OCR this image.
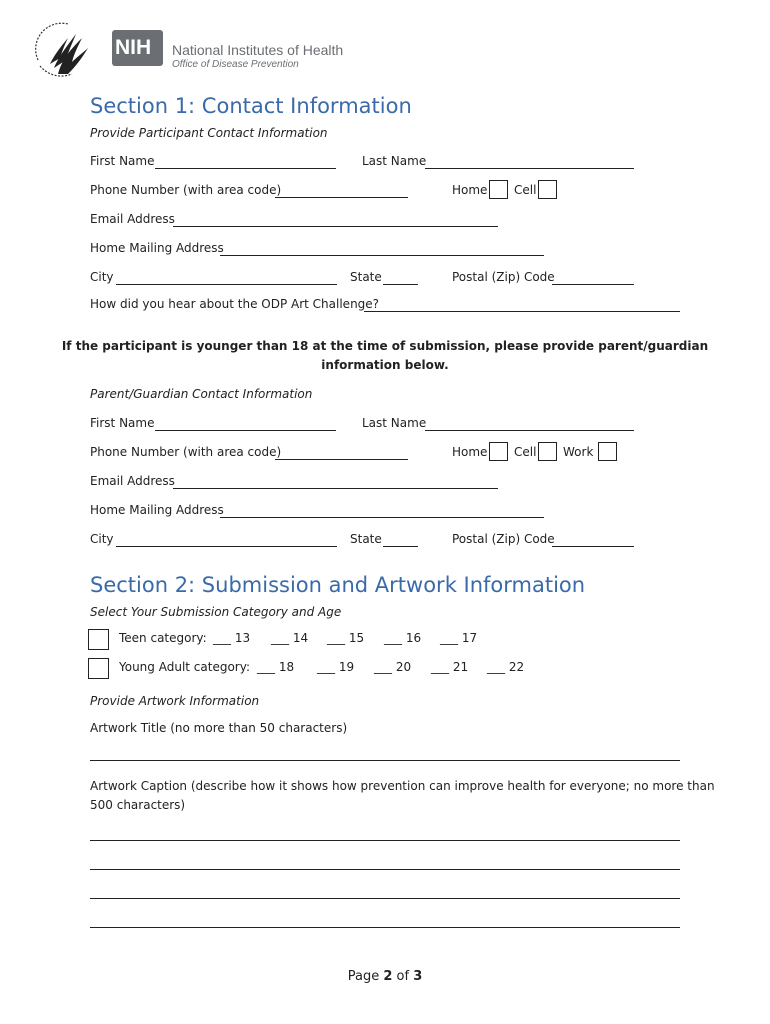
NIH	National Institutes of Health
Office of Disease Prevention
Section 1: Contact Information
Provide Participant Contact Information
First Name	Last Name
Phone Number (with area code)	Home Cell
Email Address
Home Mailing Address
City	State	Postal (Zip) Code
How did you hear about the ODP Art Challenge?
If the participant is younger than 18 at the time of submission, please provide parent/guardian
information below.
Parent/Guardian Contact Information
First Name	Last Name
Phone Number (with area code)	Home Cell Work
Email Address
Home Mailing Address
City	State	Postal (Zip) Code
Section 2: Submission and Artwork Information
Select Your Submission Category and Age
Teen category: ___ 13 ___ 14 ___ 15 ___ 16 ___ 17
Young Adult category: ___ 18 ___ 19 ___ 20 ___ 21 ___ 22
Provide Artwork Information
Artwork Title (no more than 50 characters)
Artwork Caption (describe how it shows how prevention can improve health for everyone; no more than
500 characters)
Page 2 of 3
